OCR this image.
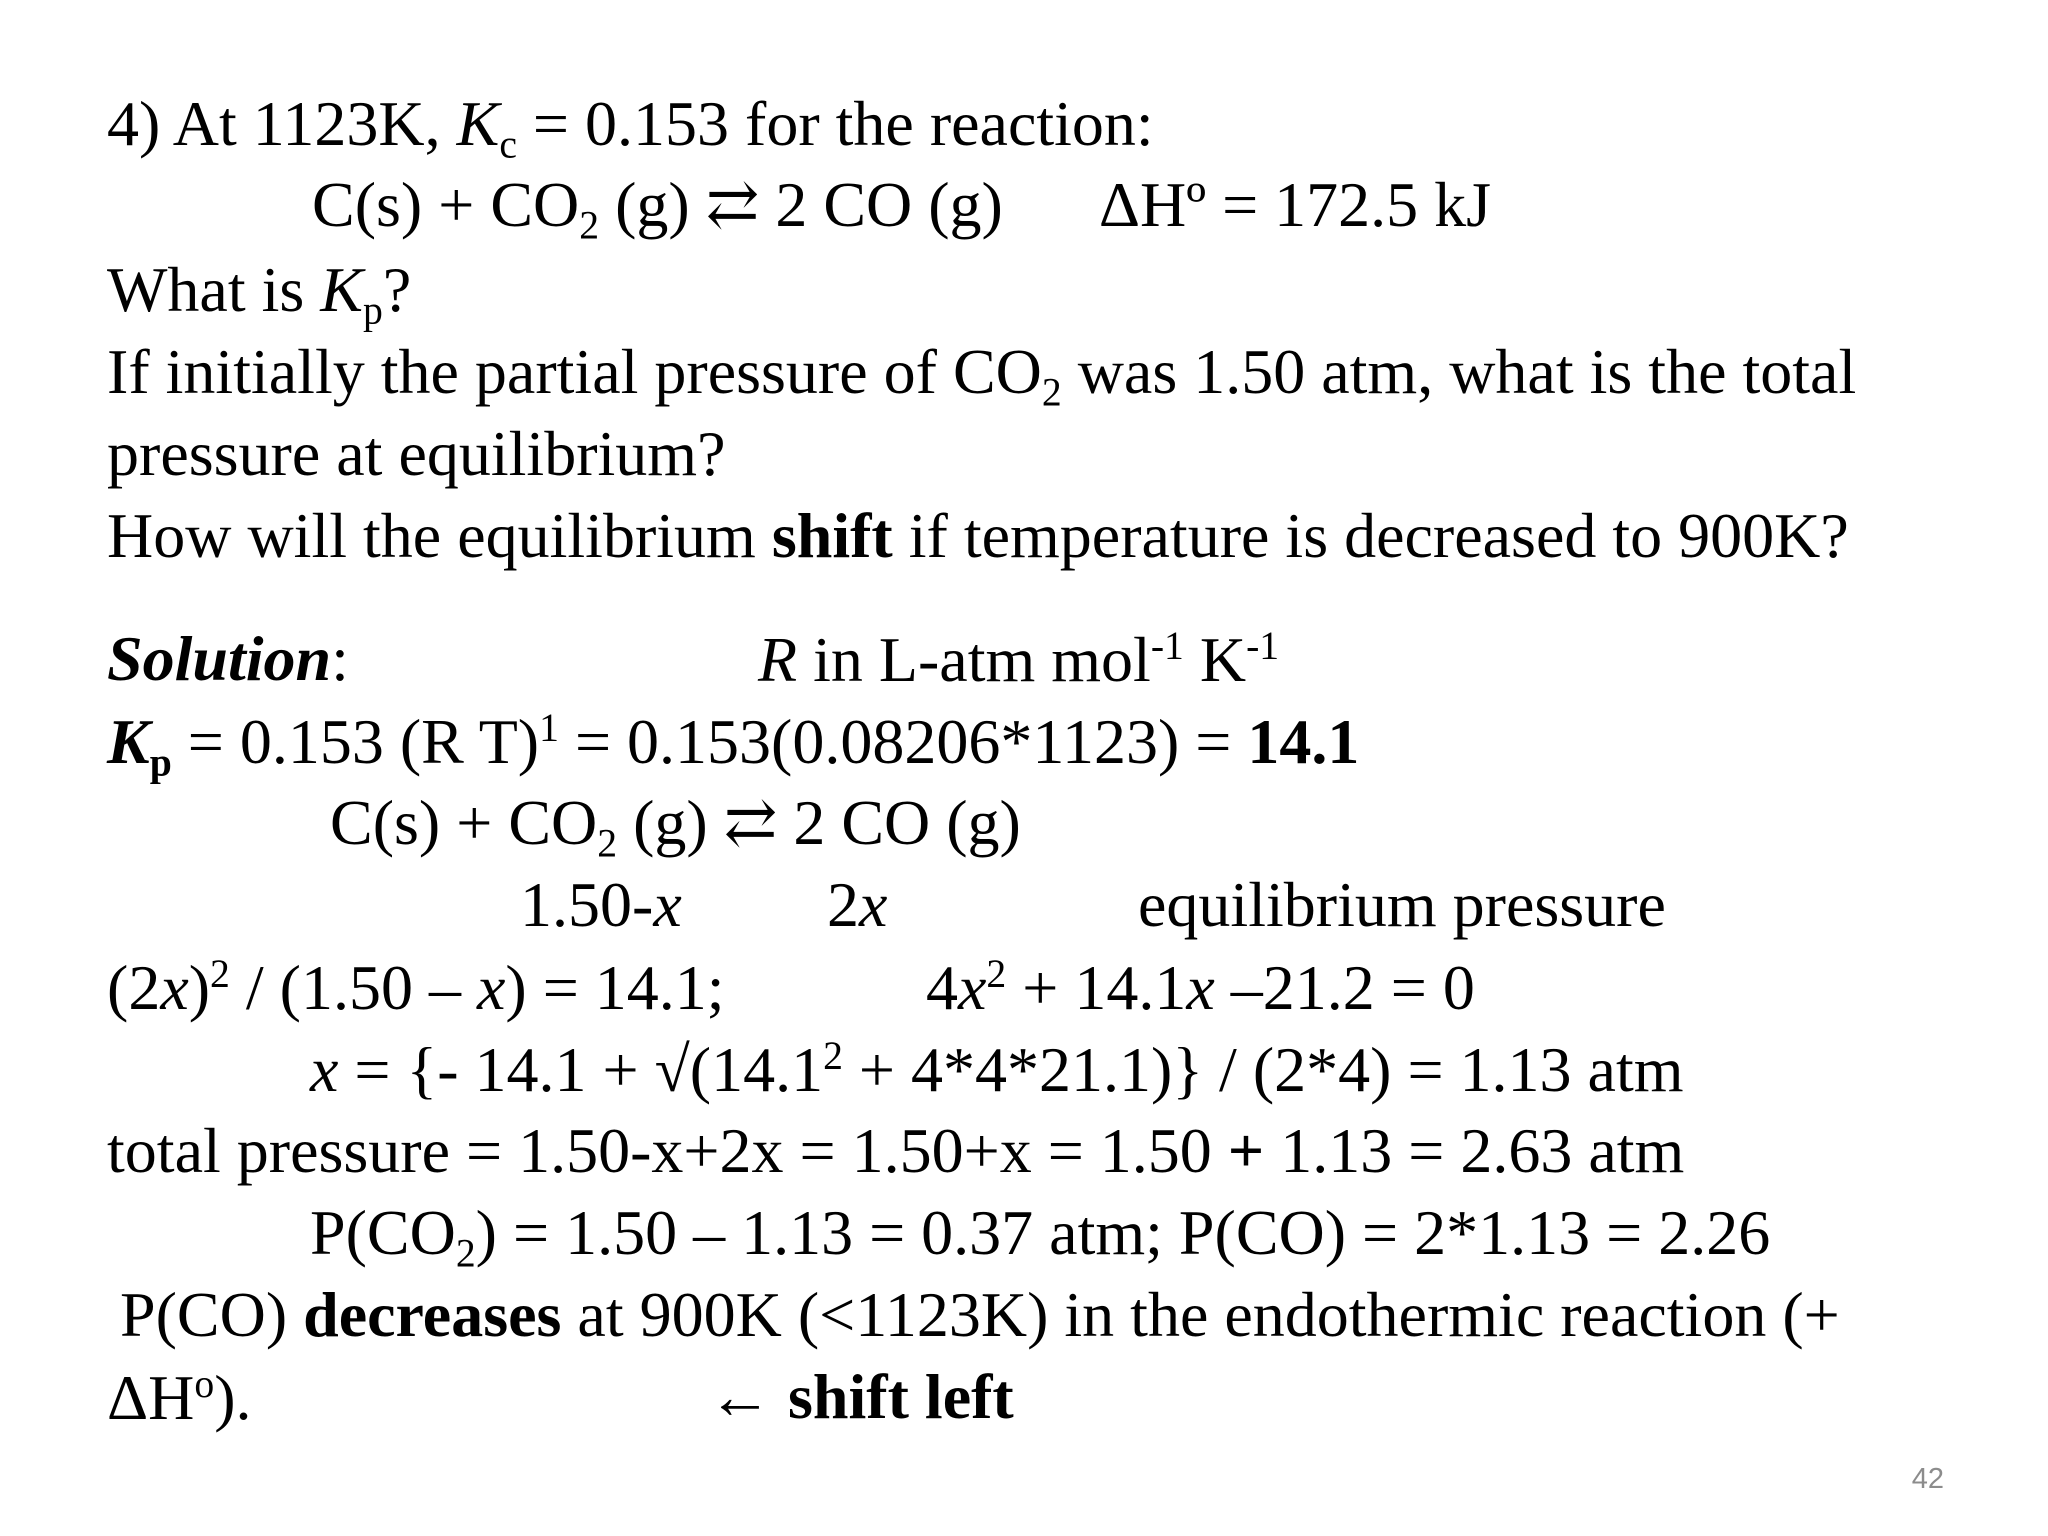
4) At 1123K, $K_c = 0.153$ for the reaction:
$C(s) + CO_2$ (g) ⇄ 2 CO (g) ΔHº = 172.5 kJ
What is $K_p$?
If initially the partial pressure of $CO_2$ was 1.50 atm, what is the total
pressure at equilibrium?
How will the equilibrium shift if temperature is decreased to 900K?
Solution:	R in L-atm mol$^{-1}$ $K^{-1}$
$K_p = 0.153$ (R T)$^1$ = 0.153(0.08206*1123) = 14.1
$C(s) + CO_2$ (g) ⇄ 2 CO (g)
1.50-x 2x	equilibrium pressure
$(2x)^2 / (1.50 - x) = 14.1$;	$4x^2 + 14.1x$ –21.2 = 0
x = {- $14.1 + √(14.1^2 + 4*4*21.1)\} / (2*4) = 1.13$ atm
total pressure = 1.50-x+2x = 1.50+x = 1.50 + 1.13 = 2.63 atm
$P(CO_2) = 1.50 - 1.13 = 0.37$ atm; P(CO) = 2*1.13 = 2.26
P(CO) decreases at 900K (<1123K) in the endothermic reaction (+
$\Delta H^o$).	← shift left
42
